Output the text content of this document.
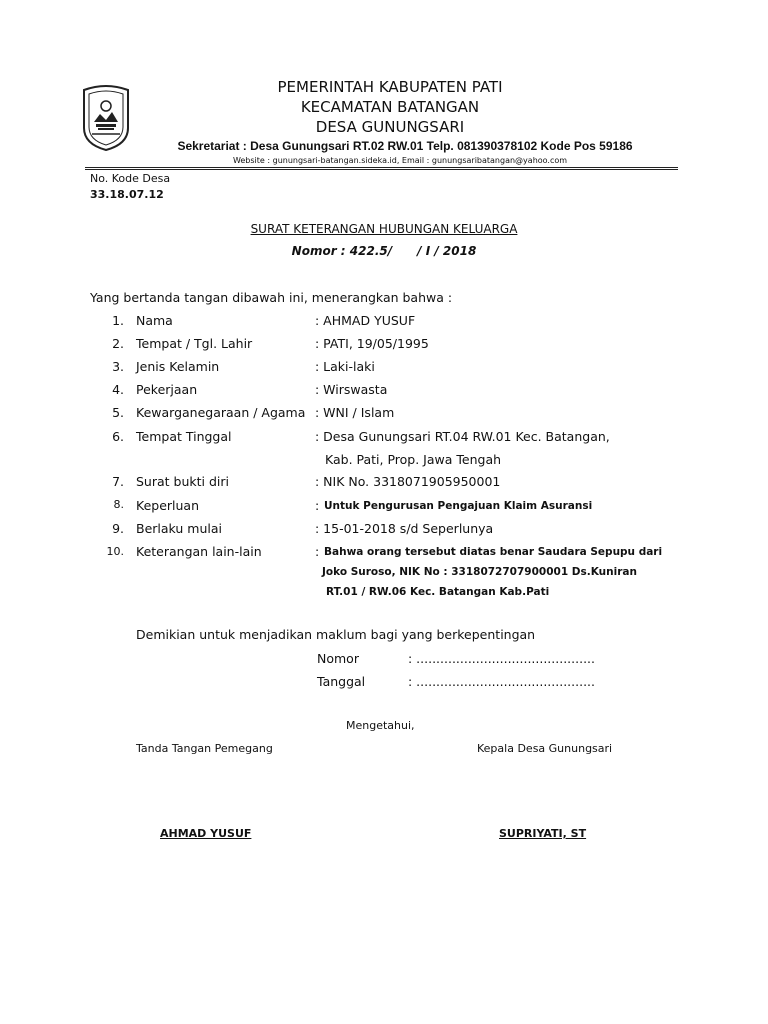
PEMERINTAH KABUPATEN PATI
KECAMATAN BATANGAN
DESA GUNUNGSARI
Sekretariat : Desa Gunungsari RT.02 RW.01 Telp. 081390378102 Kode Pos 59186
Website : gunungsari-batangan.sideka.id, Email : gunungsaribatangan@yahoo.com
No. Kode Desa
33.18.07.12
SURAT KETERANGAN HUBUNGAN KELUARGA
Nomor : 422.5/      / I / 2018
Yang bertanda tangan dibawah ini, menerangkan bahwa :
1. Nama	: AHMAD YUSUF
2. Tempat / Tgl. Lahir	: PATI, 19/05/1995
3. Jenis Kelamin	: Laki-laki
4. Pekerjaan	: Wirswasta
5. Kewarganegaraan / Agama : WNI / Islam
6. Tempat Tinggal	: Desa Gunungsari RT.04 RW.01 Kec. Batangan,
Kab. Pati, Prop. Jawa Tengah
7. Surat bukti diri	: NIK No. 3318071905950001
8. Keperluan	: Untuk Pengurusan Pengajuan Klaim Asuransi
9. Berlaku mulai	: 15-01-2018 s/d Seperlunya
10. Keterangan lain-lain	: Bahwa orang tersebut diatas benar Saudara Sepupu dari
Joko Suroso, NIK No : 3318072707900001 Ds.Kuniran
RT.01 / RW.06 Kec. Batangan Kab.Pati
Demikian untuk menjadikan maklum bagi yang berkepentingan
Nomor	: .............................................
Tanggal	: .............................................
Mengetahui,
Tanda Tangan Pemegang	Kepala Desa Gunungsari
AHMAD YUSUF	SUPRIYATI, ST
